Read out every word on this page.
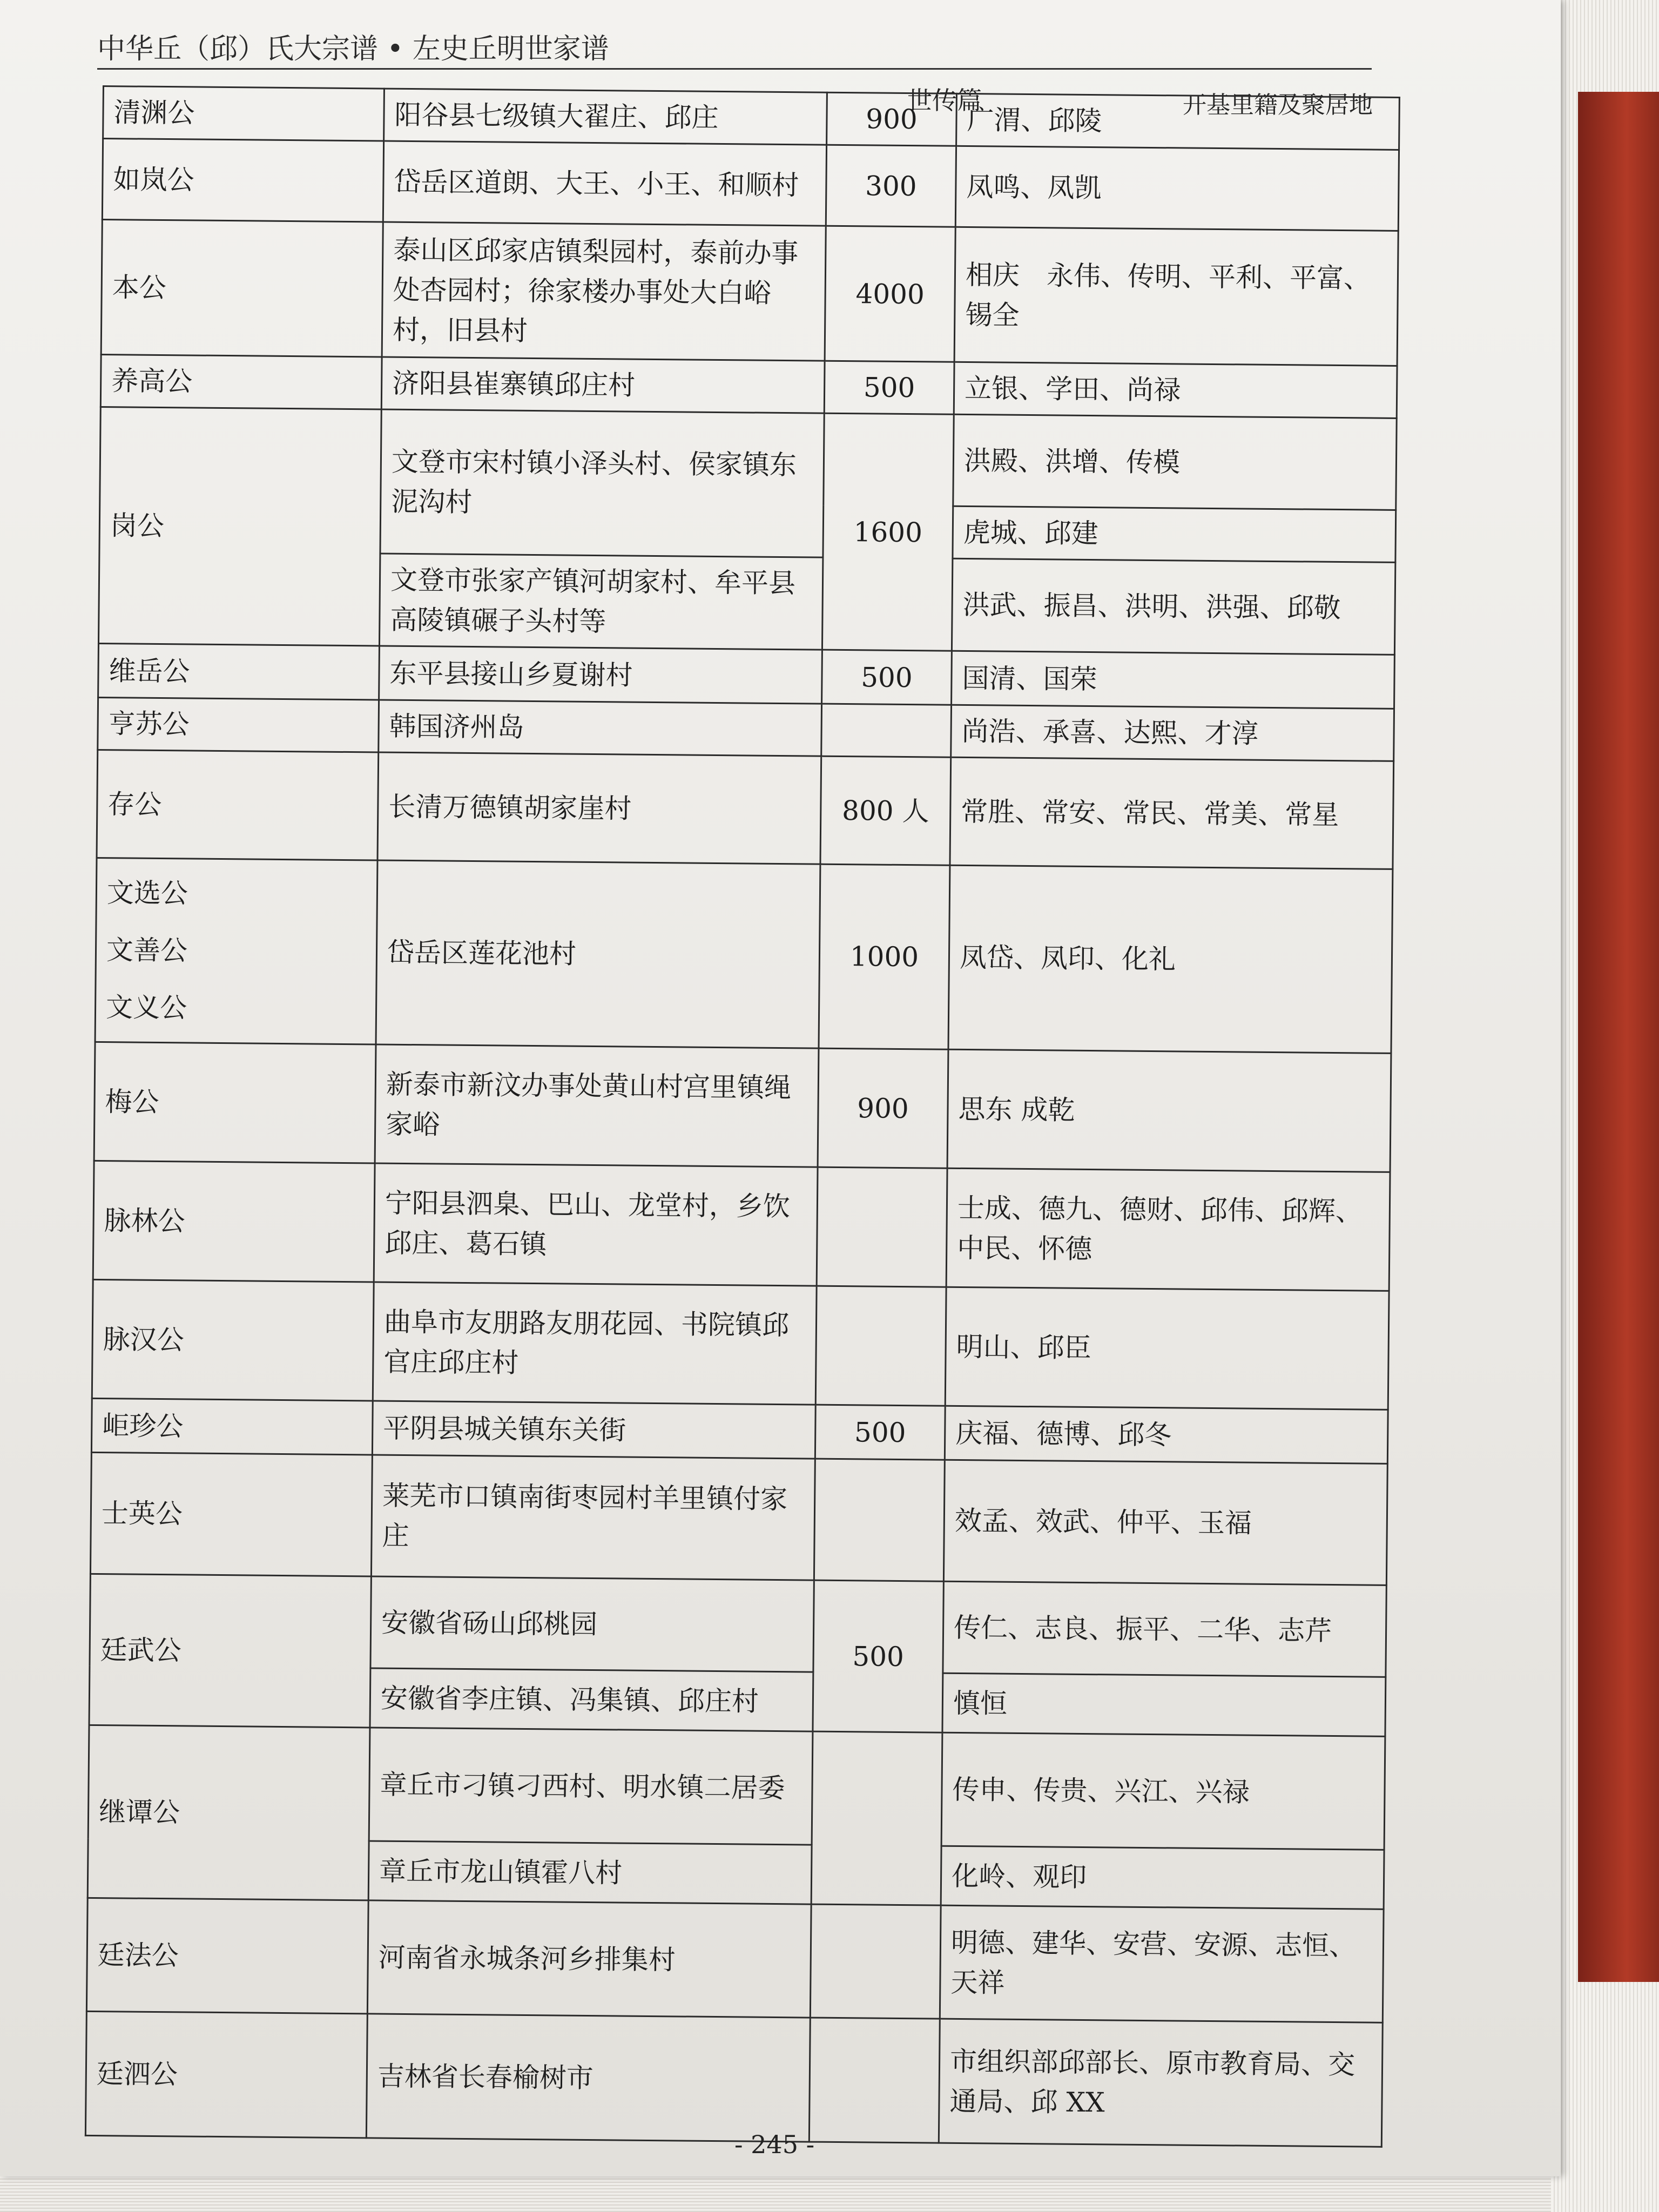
中华丘（邱）氏大宗谱 • 左史丘明世家谱
世传篇	开基里籍及聚居地
清渊公	阳谷县七级镇大翟庄、邱庄	900	广渭、邱陵
如岚公	岱岳区道朗、大王、小王、和顺村	300	凤鸣、凤凯
本公	泰山区邱家店镇梨园村，泰前办事处杏园村；徐家楼办事处大白峪村，旧县村	4000	相庆　永伟、传明、平利、平富、锡全
养高公	济阳县崔寨镇邱庄村	500	立银、学田、尚禄
岗公	文登市宋村镇小泽头村、侯家镇东泥沟村	1600	洪殿、洪增、传模
			虎城、邱建
	文登市张家产镇河胡家村、牟平县高陵镇碾子头村等		洪武、振昌、洪明、洪强、邱敬
维岳公	东平县接山乡夏谢村	500	国清、国荣
亨苏公	韩国济州岛		尚浩、承喜、达熙、才淳
存公	长清万德镇胡家崖村	800 人	常胜、常安、常民、常美、常星

文选公
文善公
文义公	岱岳区莲花池村	1000	凤岱、凤印、化礼
梅公	新泰市新汶办事处黄山村宫里镇绳家峪	900	思东 成乾
脉林公	宁阳县泗臬、巴山、龙堂村，乡饮邱庄、葛石镇		士成、德九、德财、邱伟、邱辉、中民、怀德
脉汉公	曲阜市友朋路友朋花园、书院镇邱官庄邱庄村		明山、邱臣
岠珍公	平阴县城关镇东关街	500	庆福、德博、邱冬
士英公	莱芜市口镇南街枣园村羊里镇付家庄		效孟、效武、仲平、玉福
廷武公	安徽省砀山邱桃园	500	传仁、志良、振平、二华、志芹
	安徽省李庄镇、冯集镇、邱庄村		慎恒
继谭公	章丘市刁镇刁西村、明水镇二居委		传申、传贵、兴江、兴禄
	章丘市龙山镇霍八村		化岭、观印
廷法公	河南省永城条河乡排集村		明德、建华、安营、安源、志恒、天祥
廷泗公	吉林省长春榆树市		市组织部邱部长、原市教育局、交通局、邱 XX
- 245 -
